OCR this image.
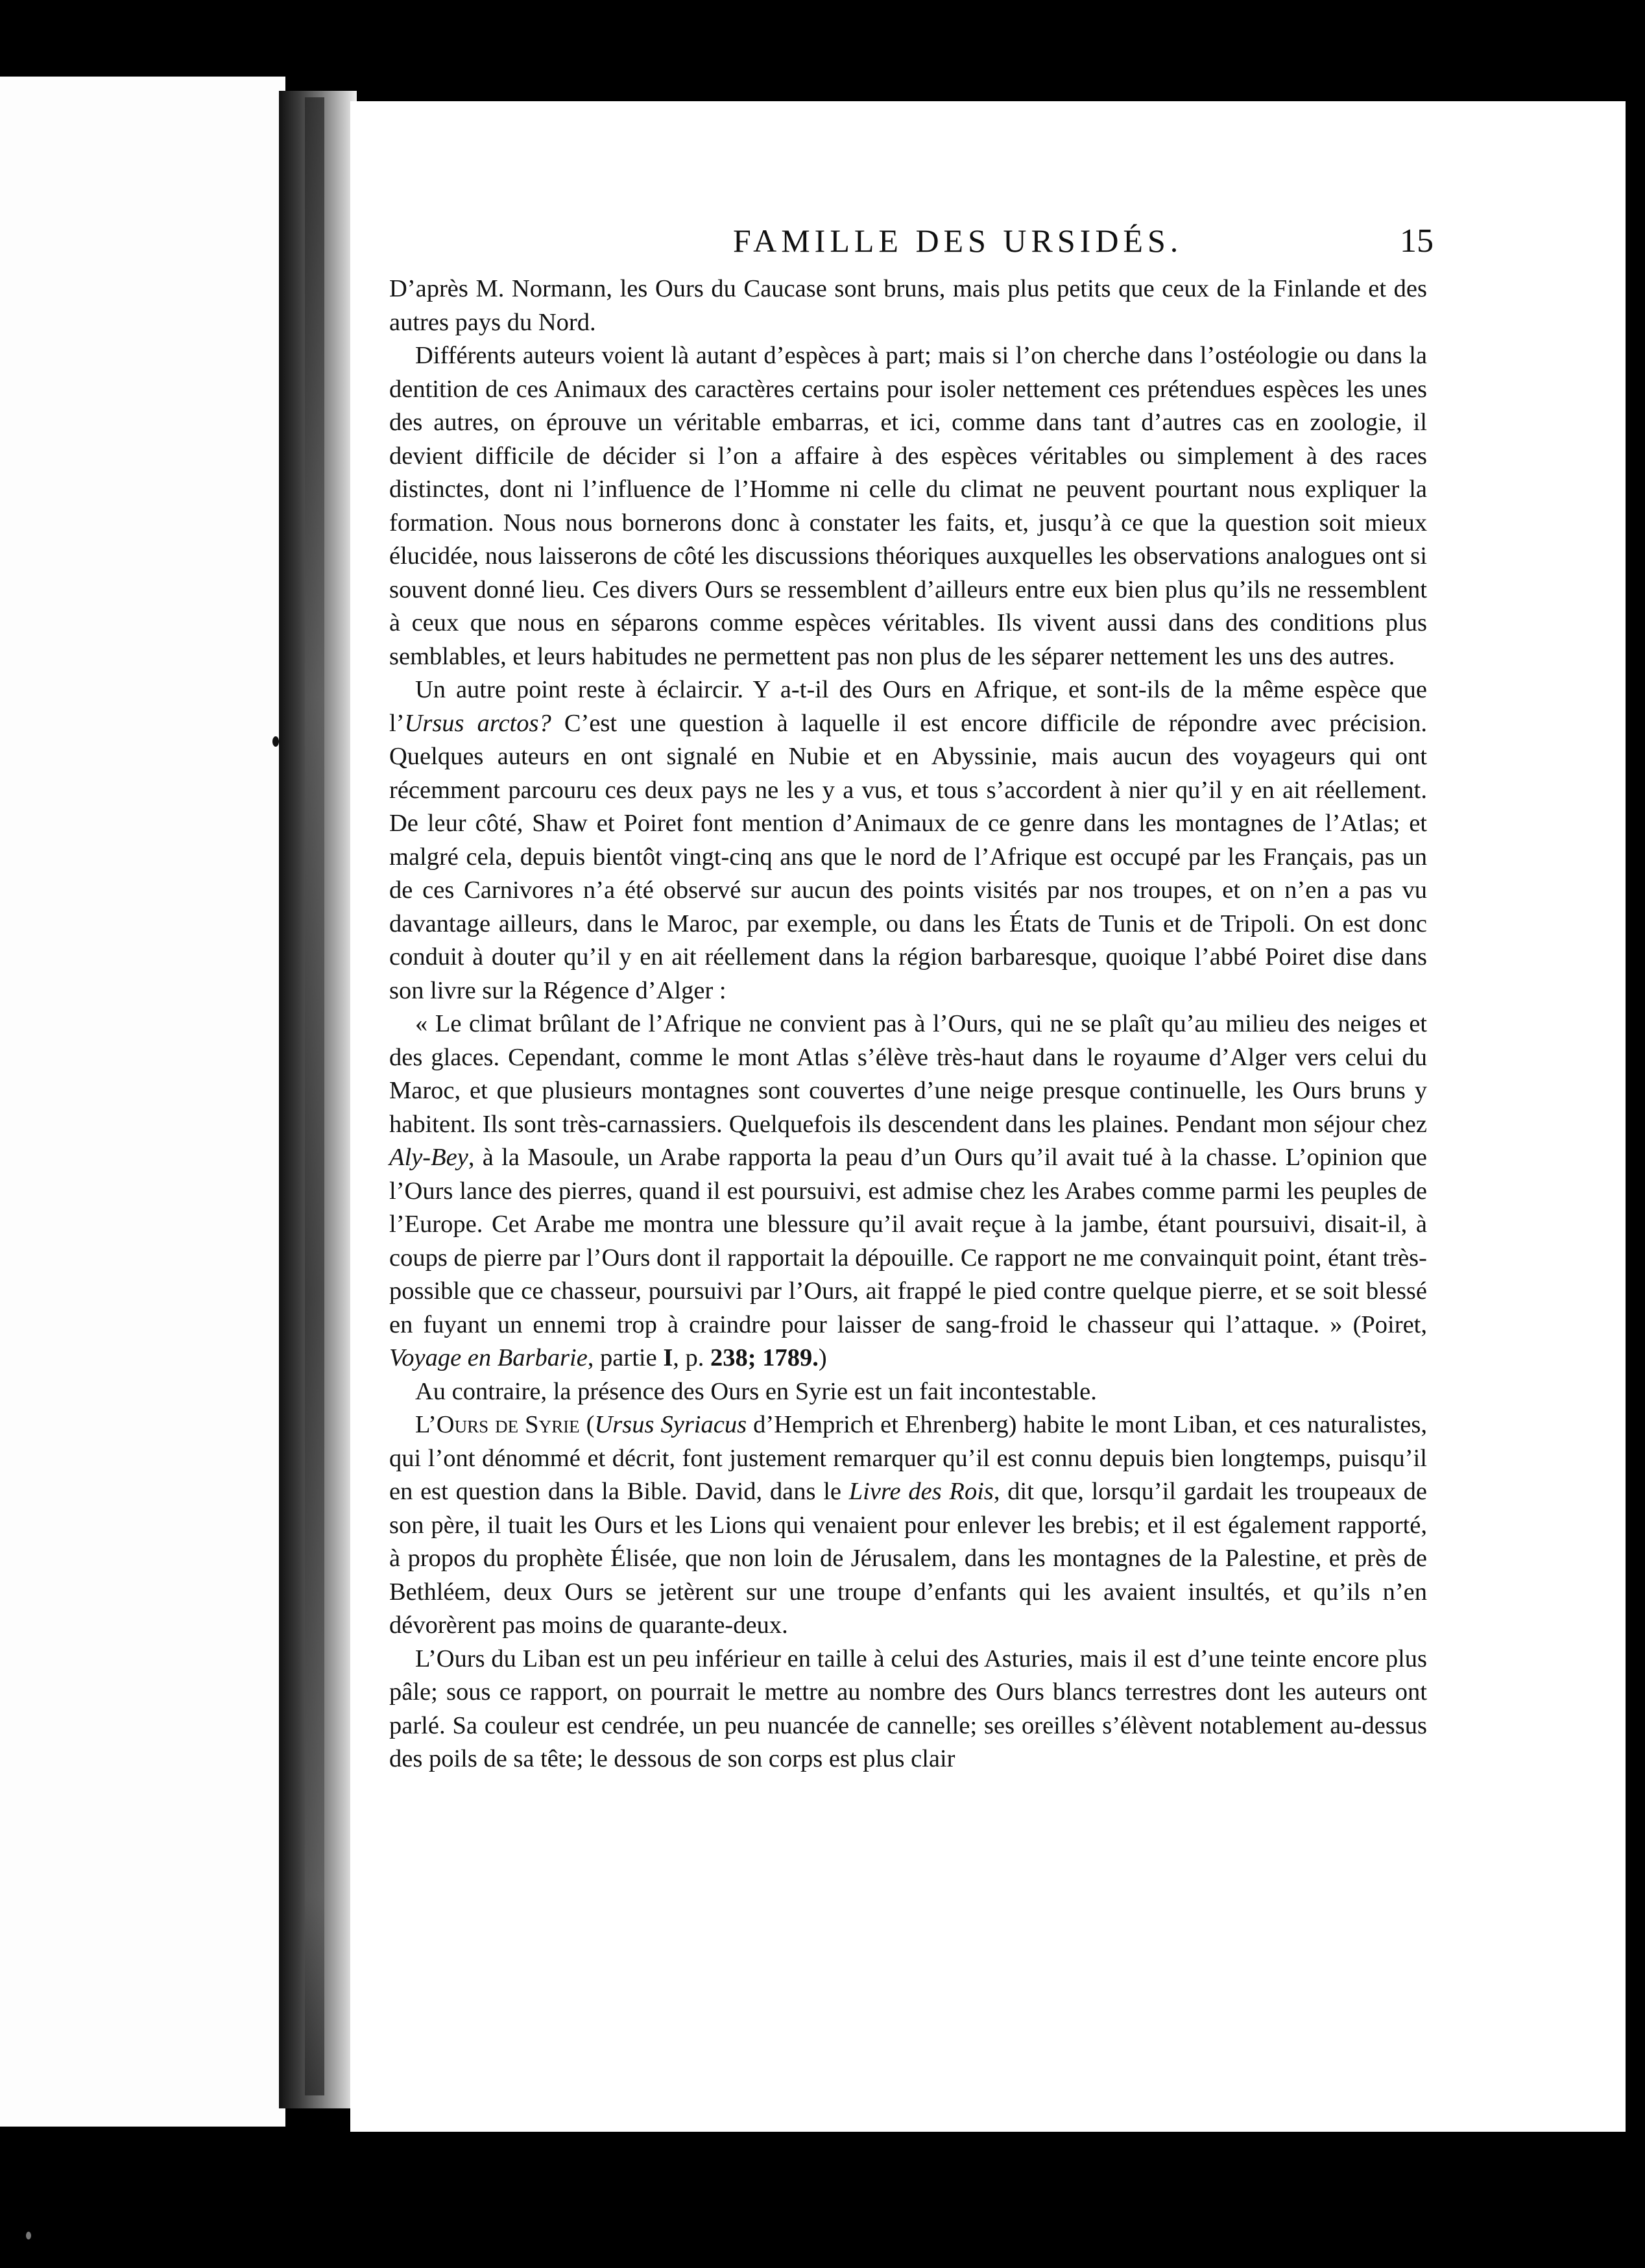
FAMILLE DES URSIDÉS.	15

D’après M. Normann, les Ours du Caucase sont bruns, mais plus petits que ceux de la Finlande et des autres pays du Nord.

Différents auteurs voient là autant d’espèces à part; mais si l’on cherche dans l’ostéologie ou dans la dentition de ces Animaux des caractères certains pour isoler nettement ces prétendues espèces les unes des autres, on éprouve un véritable embarras, et ici, comme dans tant d’autres cas en zoologie, il devient difficile de décider si l’on a affaire à des espèces véritables ou simplement à des races distinctes, dont ni l’influence de l’Homme ni celle du climat ne peuvent pourtant nous expliquer la formation. Nous nous bornerons donc à constater les faits, et, jusqu’à ce que la question soit mieux élucidée, nous laisserons de côté les discussions théoriques auxquelles les observations analogues ont si souvent donné lieu. Ces divers Ours se ressemblent d’ailleurs entre eux bien plus qu’ils ne ressemblent à ceux que nous en séparons comme espèces véritables. Ils vivent aussi dans des conditions plus semblables, et leurs habitudes ne permettent pas non plus de les séparer nettement les uns des autres.

Un autre point reste à éclaircir. Y a-t-il des Ours en Afrique, et sont-ils de la même espèce que l’Ursus arctos? C’est une question à laquelle il est encore difficile de répondre avec précision. Quelques auteurs en ont signalé en Nubie et en Abyssinie, mais aucun des voyageurs qui ont récemment parcouru ces deux pays ne les y a vus, et tous s’accordent à nier qu’il y en ait réellement. De leur côté, Shaw et Poiret font mention d’Animaux de ce genre dans les montagnes de l’Atlas; et malgré cela, depuis bientôt vingt-cinq ans que le nord de l’Afrique est occupé par les Français, pas un de ces Carnivores n’a été observé sur aucun des points visités par nos troupes, et on n’en a pas vu davantage ailleurs, dans le Maroc, par exemple, ou dans les États de Tunis et de Tripoli. On est donc conduit à douter qu’il y en ait réellement dans la région barbaresque, quoique l’abbé Poiret dise dans son livre sur la Régence d’Alger :

« Le climat brûlant de l’Afrique ne convient pas à l’Ours, qui ne se plaît qu’au milieu des neiges et des glaces. Cependant, comme le mont Atlas s’élève très-haut dans le royaume d’Alger vers celui du Maroc, et que plusieurs montagnes sont couvertes d’une neige presque continuelle, les Ours bruns y habitent. Ils sont très-carnassiers. Quelquefois ils descendent dans les plaines. Pendant mon séjour chez Aly-Bey, à la Masoule, un Arabe rapporta la peau d’un Ours qu’il avait tué à la chasse. L’opinion que l’Ours lance des pierres, quand il est poursuivi, est admise chez les Arabes comme parmi les peuples de l’Europe. Cet Arabe me montra une blessure qu’il avait reçue à la jambe, étant poursuivi, disait-il, à coups de pierre par l’Ours dont il rapportait la dépouille. Ce rapport ne me convainquit point, étant très-possible que ce chasseur, poursuivi par l’Ours, ait frappé le pied contre quelque pierre, et se soit blessé en fuyant un ennemi trop à craindre pour laisser de sang-froid le chasseur qui l’attaque. » (Poiret, Voyage en Barbarie, partie I, p. 238; 1789.)

Au contraire, la présence des Ours en Syrie est un fait incontestable.

L’Ours de Syrie (Ursus Syriacus d’Hemprich et Ehrenberg) habite le mont Liban, et ces naturalistes, qui l’ont dénommé et décrit, font justement remarquer qu’il est connu depuis bien longtemps, puisqu’il en est question dans la Bible. David, dans le Livre des Rois, dit que, lorsqu’il gardait les troupeaux de son père, il tuait les Ours et les Lions qui venaient pour enlever les brebis; et il est également rapporté, à propos du prophète Élisée, que non loin de Jérusalem, dans les montagnes de la Palestine, et près de Bethléem, deux Ours se jetèrent sur une troupe d’enfants qui les avaient insultés, et qu’ils n’en dévorèrent pas moins de quarante-deux.

L’Ours du Liban est un peu inférieur en taille à celui des Asturies, mais il est d’une teinte encore plus pâle; sous ce rapport, on pourrait le mettre au nombre des Ours blancs terrestres dont les auteurs ont parlé. Sa couleur est cendrée, un peu nuancée de cannelle; ses oreilles s’élèvent notablement au-dessus des poils de sa tête; le dessous de son corps est plus clair
